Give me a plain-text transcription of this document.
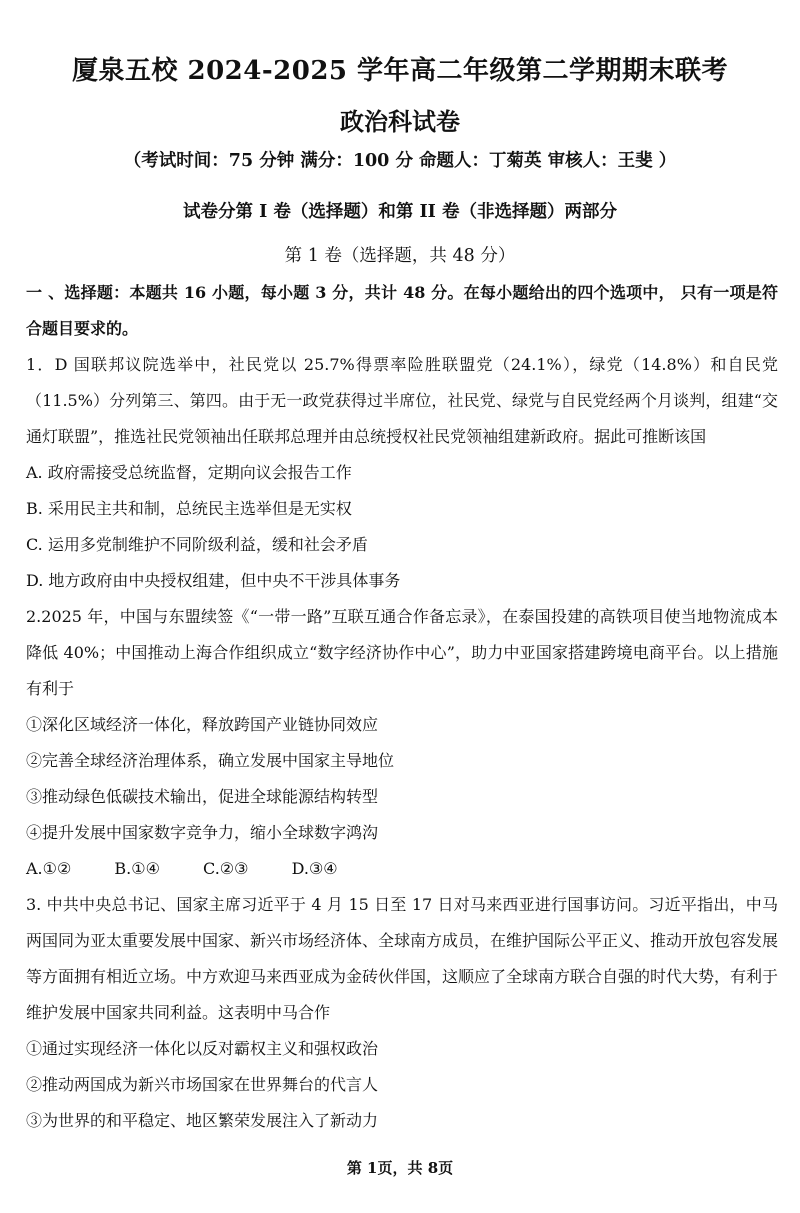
厦泉五校 2024-2025 学年高二年级第二学期期末联考
政治科试卷
（考试时间：75 分钟 满分：100 分 命题人：丁菊英 审核人：王斐 ）
试卷分第 I 卷（选择题）和第 II 卷（非选择题）两部分
第 1 卷（选择题，共 48 分）

一 、选择题：本题共 16 小题，每小题 3 分，共计 48 分。在每小题给出的四个选项中， 只有一项是符合题目要求的。

1．D 国联邦议院选举中，社民党以 25.7%得票率险胜联盟党（24.1%），绿党（14.8%）和自民党（11.5%）分列第三、第四。由于无一政党获得过半席位，社民党、绿党与自民党经两个月谈判，组建“交通灯联盟”，推选社民党领袖出任联邦总理并由总统授权社民党领袖组建新政府。据此可推断该国

A. 政府需接受总统监督，定期向议会报告工作

B. 采用民主共和制，总统民主选举但是无实权

C. 运用多党制维护不同阶级利益，缓和社会矛盾

D. 地方政府由中央授权组建，但中央不干涉具体事务

2.2025 年，中国与东盟续签《“一带一路”互联互通合作备忘录》，在泰国投建的高铁项目使当地物流成本降低 40%；中国推动上海合作组织成立“数字经济协作中心”，助力中亚国家搭建跨境电商平台。以上措施有利于

①深化区域经济一体化，释放跨国产业链协同效应

②完善全球经济治理体系，确立发展中国家主导地位

③推动绿色低碳技术输出，促进全球能源结构转型

④提升发展中国家数字竞争力，缩小全球数字鸿沟

A.①②	B.①④	C.②③	D.③④

3. 中共中央总书记、国家主席习近平于 4 月 15 日至 17 日对马来西亚进行国事访问。习近平指出，中马两国同为亚太重要发展中国家、新兴市场经济体、全球南方成员，在维护国际公平正义、推动开放包容发展等方面拥有相近立场。中方欢迎马来西亚成为金砖伙伴国，这顺应了全球南方联合自强的时代大势，有利于维护发展中国家共同利益。这表明中马合作

①通过实现经济一体化以反对霸权主义和强权政治

②推动两国成为新兴市场国家在世界舞台的代言人

③为世界的和平稳定、地区繁荣发展注入了新动力

第 1页，共 8页
